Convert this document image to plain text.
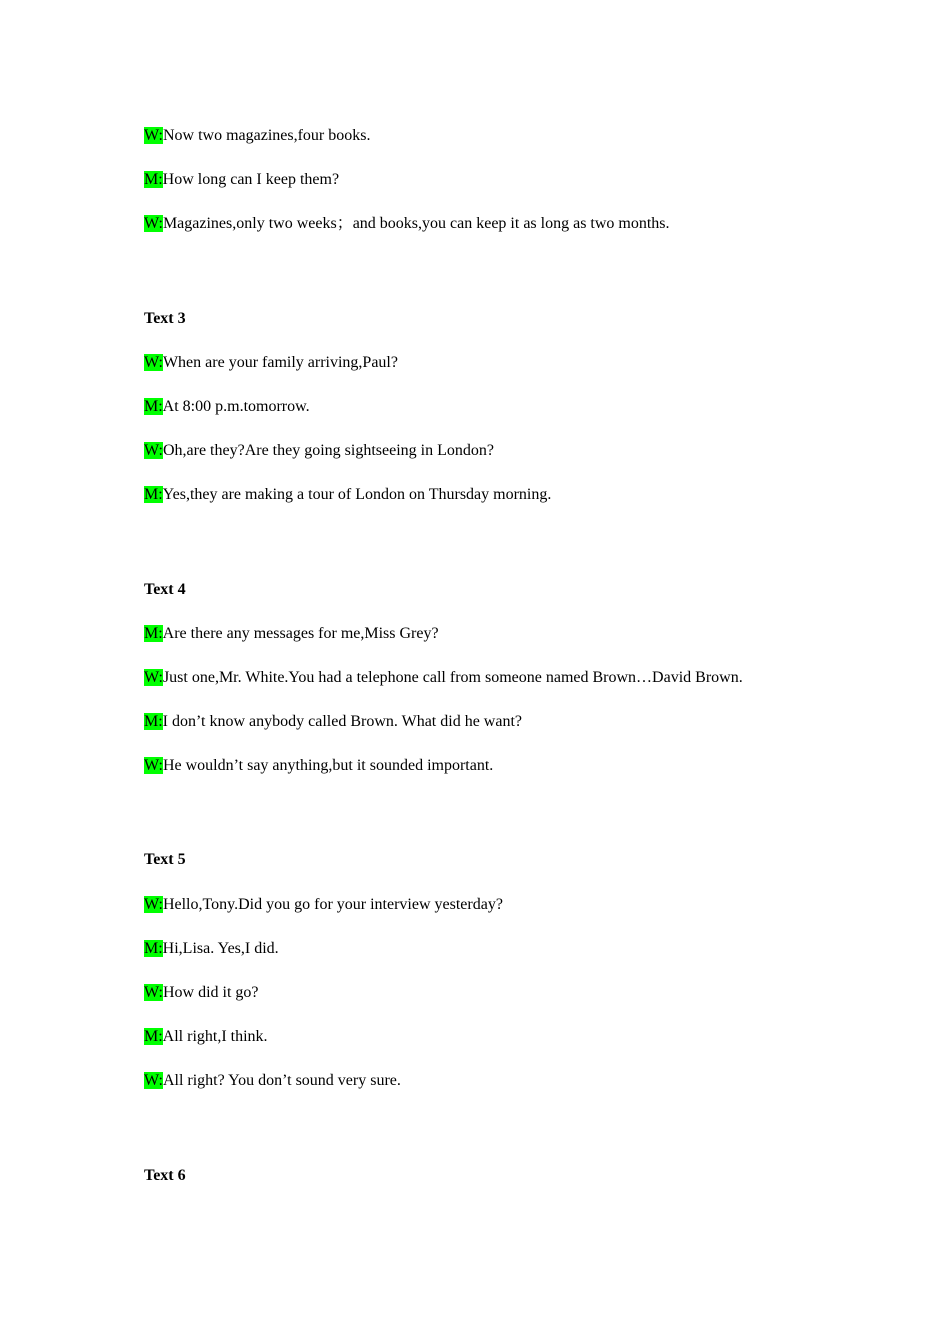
W:Now two magazines,four books.
M:How long can I keep them?
W:Magazines,only two weeks；and books,you can keep it as long as two months.
Text 3
W:When are your family arriving,Paul?
M:At 8:00 p.m.tomorrow.
W:Oh,are they?Are they going sightseeing in London?
M:Yes,they are making a tour of London on Thursday morning.
Text 4
M:Are there any messages for me,Miss Grey?
W:Just one,Mr. White.You had a telephone call from someone named Brown…David Brown.
M:I don’t know anybody called Brown. What did he want?
W:He wouldn’t say anything,but it sounded important.
Text 5
W:Hello,Tony.Did you go for your interview yesterday?
M:Hi,Lisa. Yes,I did.
W:How did it go?
M:All right,I think.
W:All right? You don’t sound very sure.
Text 6
